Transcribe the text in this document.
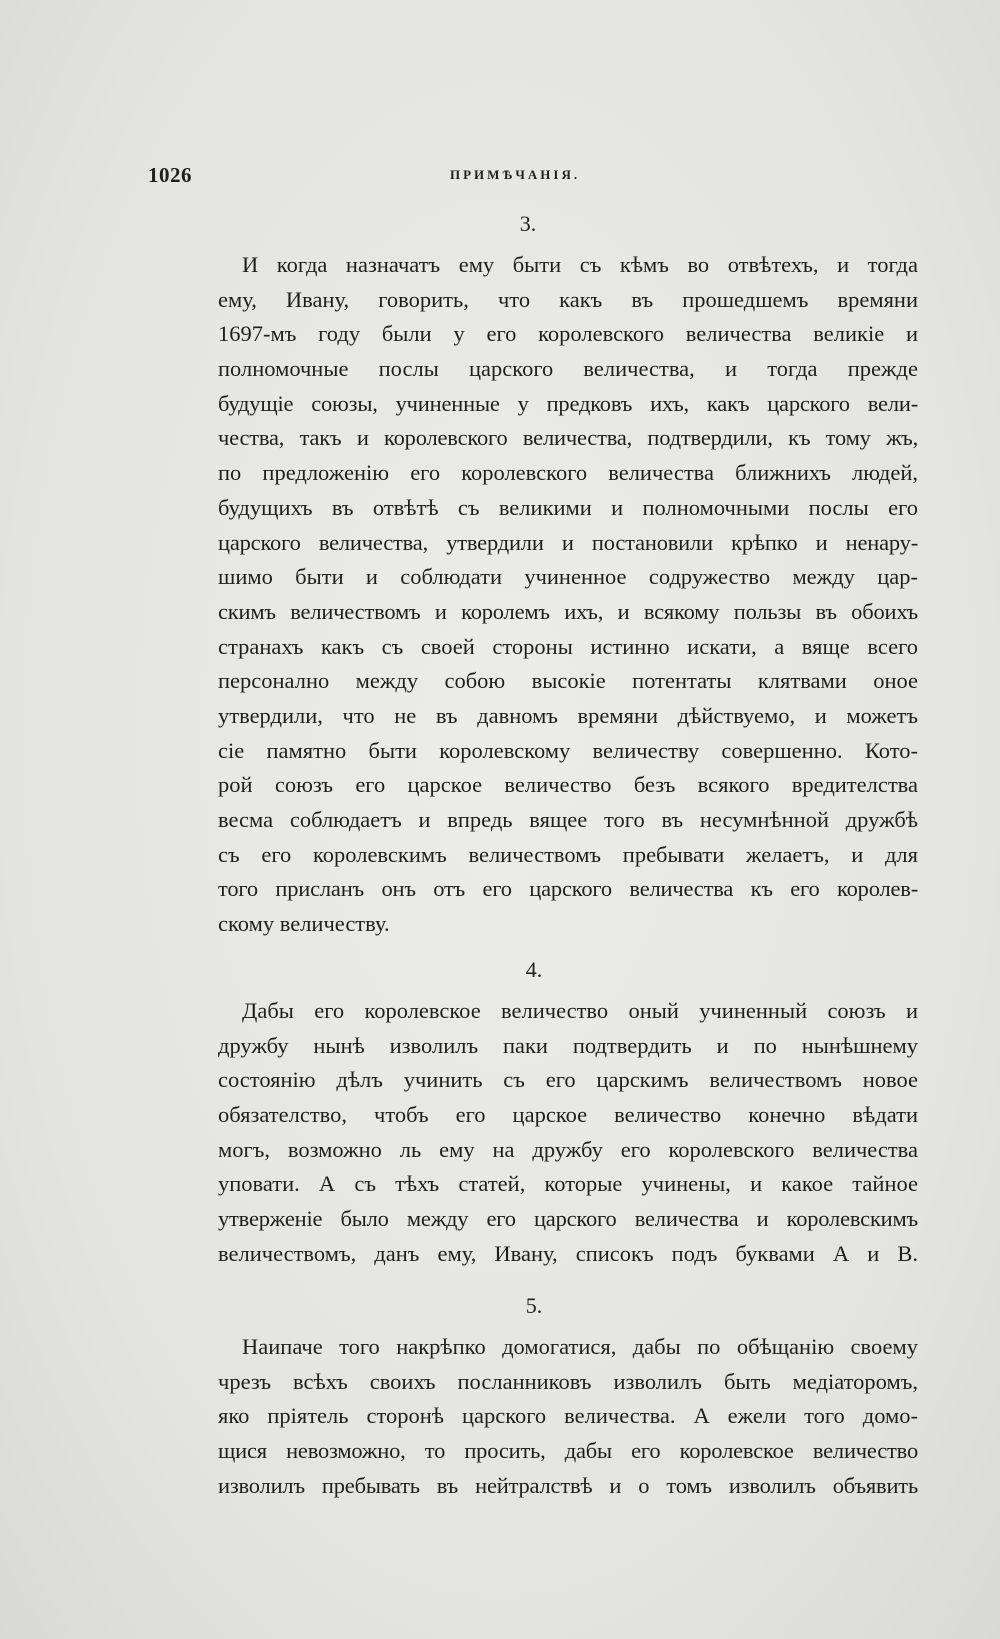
1026	ПРИМѢЧАНІЯ.
3.
И когда назначатъ ему быти съ кѣмъ во отвѣтехъ, и тогда
ему, Ивану, говорить, что какъ въ прошедшемъ времяни
1697-мъ году были у его королевского величества великіе и
полномочные послы царского величества, и тогда прежде
будущіе союзы, учиненные у предковъ ихъ, какъ царского вели-
чества, такъ и королевского величества, подтвердили, къ тому жъ,
по предложенію его королевского величества ближнихъ людей,
будущихъ въ отвѣтѣ съ великими и полномочными послы его
царского величества, утвердили и постановили крѣпко и ненару-
шимо быти и соблюдати учиненное содружество между цар-
скимъ величествомъ и королемъ ихъ, и всякому пользы въ обоихъ
странахъ какъ съ своей стороны истинно искати, а вяще всего
персонално между собою высокіе потентаты клятвами оное
утвердили, что не въ давномъ времяни дѣйствуемо, и можетъ
сіе памятно быти королевскому величеству совершенно. Кото-
рой союзъ его царское величество безъ всякого вредителства
весма соблюдаетъ и впредь вящее того въ несумнѣнной дружбѣ
съ его королевскимъ величествомъ пребывати желаетъ, и для
того присланъ онъ отъ его царского величества къ его королев-
скому величеству.
4.
Дабы его королевское величество оный учиненный союзъ и
дружбу нынѣ изволилъ паки подтвердить и по нынѣшнему
состоянію дѣлъ учинить съ его царскимъ величествомъ новое
обязателство, чтобъ его царское величество конечно вѣдати
могъ, возможно ль ему на дружбу его королевского величества
уповати. А съ тѣхъ статей, которые учинены, и какое тайное
утверженіе было между его царского величества и королевскимъ
величествомъ, данъ ему, Ивану, списокъ подъ буквами А и В.
5.
Наипаче того накрѣпко домогатися, дабы по обѣщанію своему
чрезъ всѣхъ своихъ посланниковъ изволилъ быть медіаторомъ,
яко пріятель сторонѣ царского величества. А ежели того домо-
щися невозможно, то просить, дабы его королевское величество
изволилъ пребывать въ нейтралствѣ и о томъ изволилъ объявить
